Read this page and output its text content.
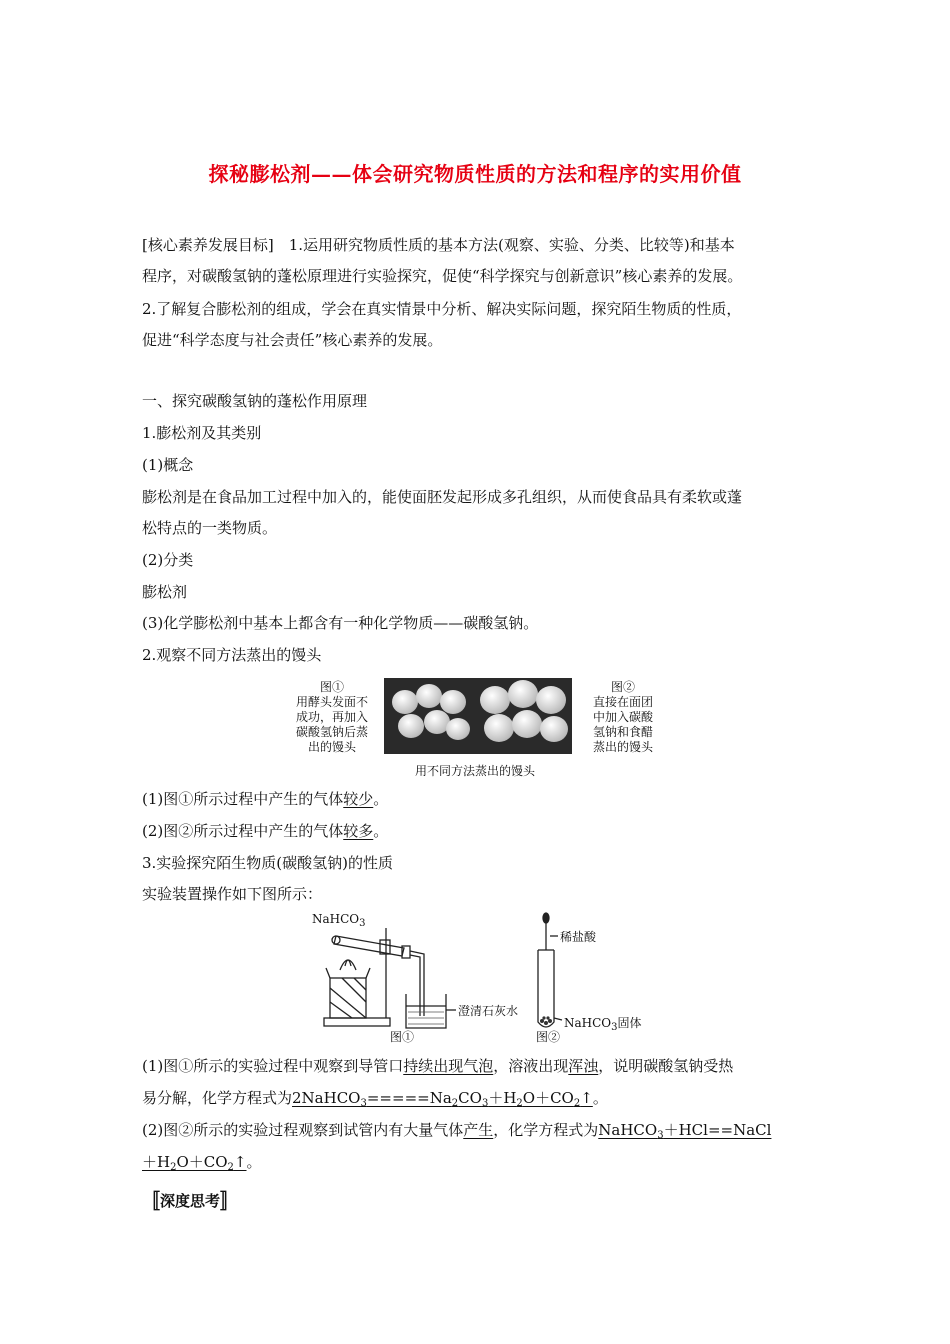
探秘膨松剂——体会研究物质性质的方法和程序的实用价值
[核心素养发展目标]　1.运用研究物质性质的基本方法(观察、实验、分类、比较等)和基本
程序，对碳酸氢钠的蓬松原理进行实验探究，促使“科学探究与创新意识”核心素养的发展。
2.了解复合膨松剂的组成，学会在真实情景中分析、解决实际问题，探究陌生物质的性质，
促进“科学态度与社会责任”核心素养的发展。
一、探究碳酸氢钠的蓬松作用原理
1.膨松剂及其类别
(1)概念
膨松剂是在食品加工过程中加入的，能使面胚发起形成多孔组织，从而使食品具有柔软或蓬
松特点的一类物质。
(2)分类
膨松剂
(3)化学膨松剂中基本上都含有一种化学物质——碳酸氢钠。
2.观察不同方法蒸出的馒头
图①
用酵头发面不
成功，再加入
碳酸氢钠后蒸
出的馒头
图②
直接在面团
中加入碳酸
氢钠和食醋
蒸出的馒头
用不同方法蒸出的馒头
(1)图①所示过程中产生的气体较少。
(2)图②所示过程中产生的气体较多。
3.实验探究陌生物质(碳酸氢钠)的性质
实验装置操作如下图所示：
NaHCO$_3$
澄清石灰水
稀盐酸
NaHCO$_3$固体
图①	图②
(1)图①所示的实验过程中观察到导管口持续出现气泡，溶液出现浑浊，说明碳酸氢钠受热
易分解，化学方程式为$2NaHCO_3=====Na_2CO_3+H_2O+CO_2↑$。
(2)图②所示的实验过程观察到试管内有大量气体产生，化学方程式为NaHCO$_3$＋HCl==NaCl
$+H_2O+CO_2↑$。
〚深度思考〛
